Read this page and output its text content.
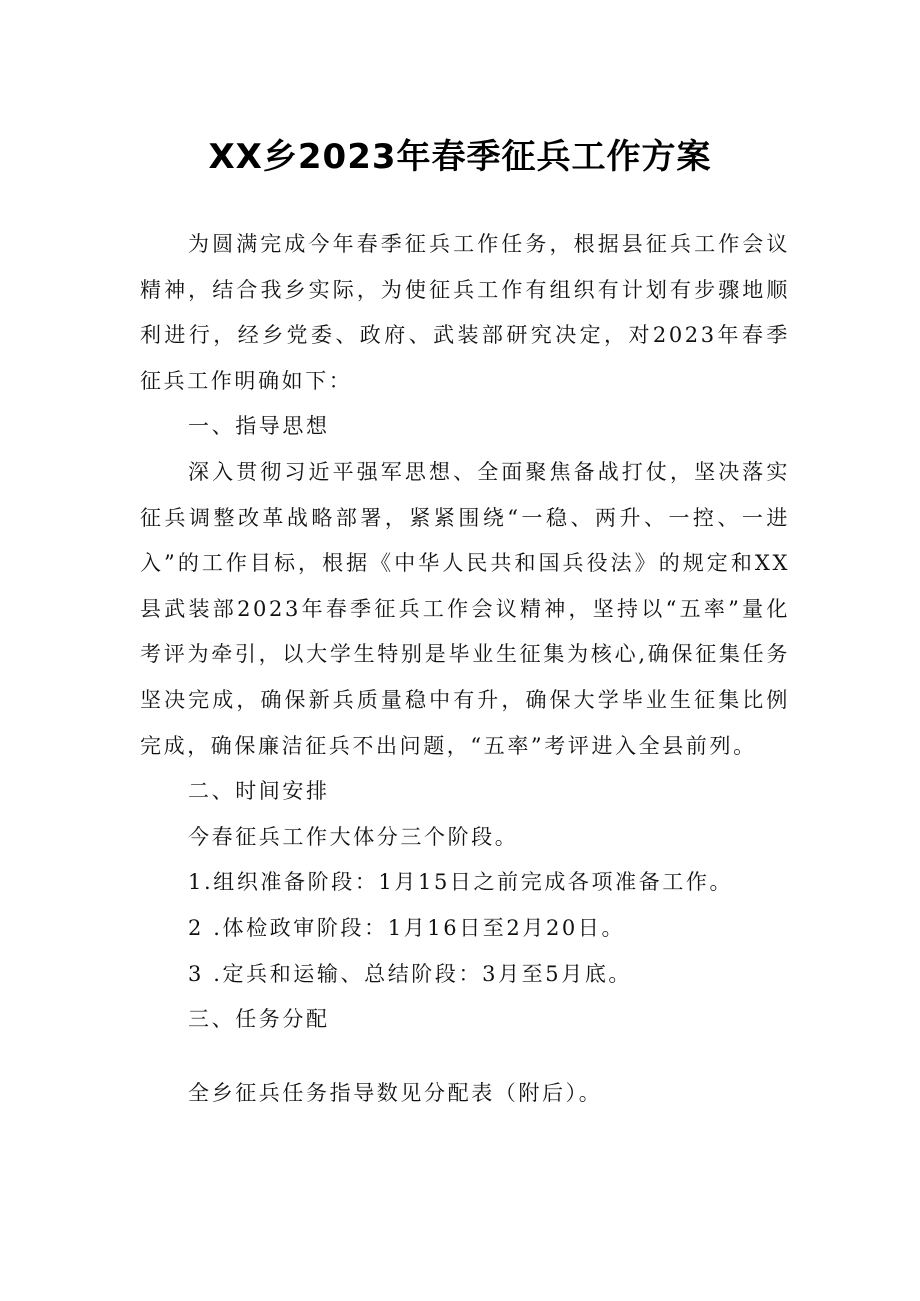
XX乡2023年春季征兵工作方案

为圆满完成今年春季征兵工作任务，根据县征兵工作会议精神，结合我乡实际，为使征兵工作有组织有计划有步骤地顺利进行，经乡党委、政府、武装部研究决定，对2023年春季征兵工作明确如下：

一、指导思想

深入贯彻习近平强军思想、全面聚焦备战打仗，坚决落实征兵调整改革战略部署，紧紧围绕“一稳、两升、一控、一进入”的工作目标，根据《中华人民共和国兵役法》的规定和XX县武装部2023年春季征兵工作会议精神，坚持以“五率”量化考评为牵引，以大学生特别是毕业生征集为核心,确保征集任务坚决完成，确保新兵质量稳中有升，确保大学毕业生征集比例完成，确保廉洁征兵不出问题，“五率”考评进入全县前列。

二、时间安排

今春征兵工作大体分三个阶段。

1.组织准备阶段：1月15日之前完成各项准备工作。

2 .体检政审阶段：1月16日至2月20日。

3 .定兵和运输、总结阶段：3月至5月底。

三、任务分配

全乡征兵任务指导数见分配表（附后）。
